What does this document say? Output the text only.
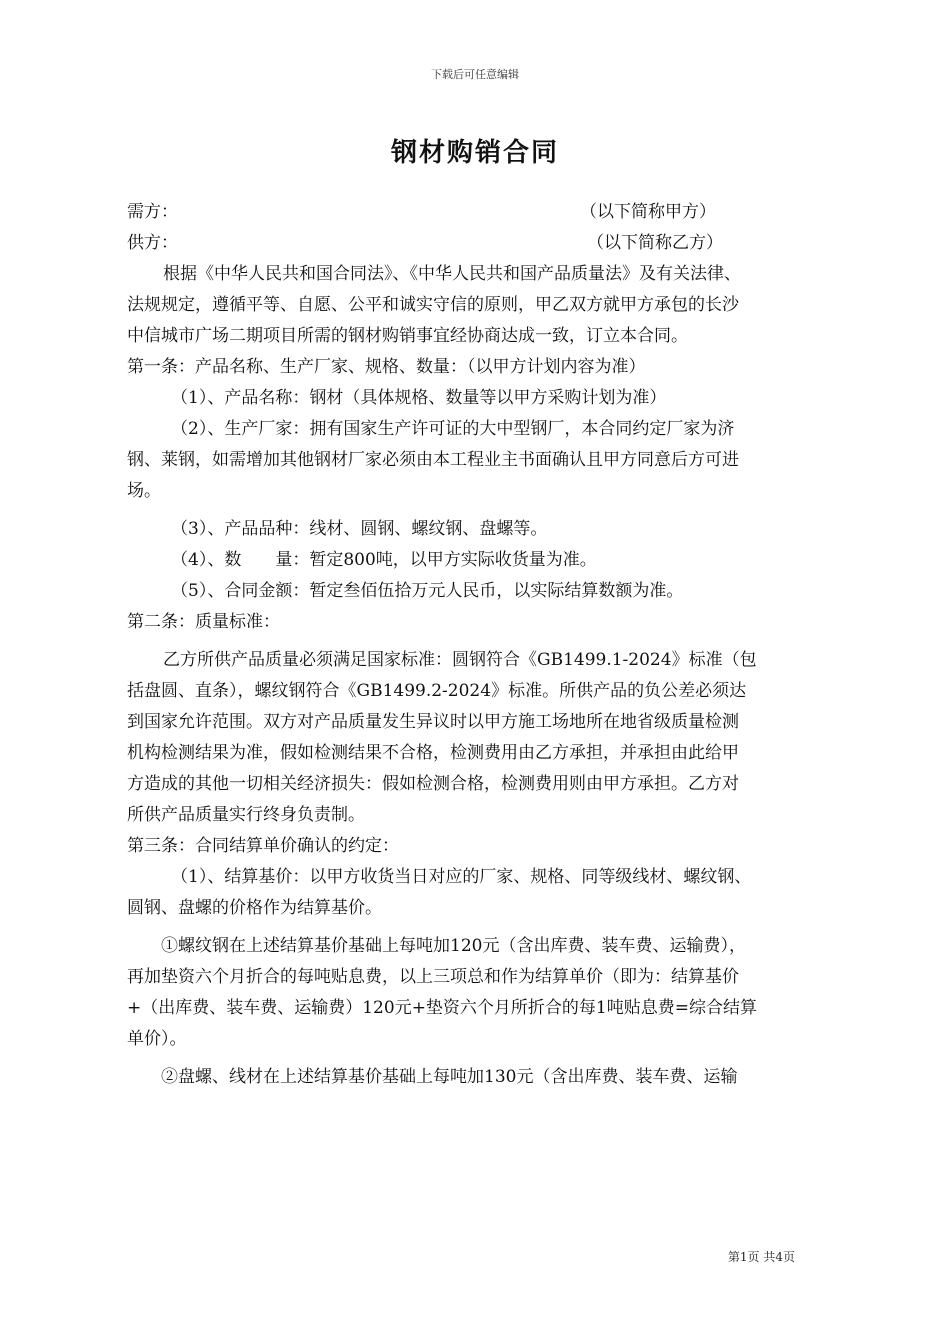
下载后可任意编辑
钢材购销合同
需方：	（以下简称甲方）
供方：	（以下简称乙方）
根据《中华人民共和国合同法》、《中华人民共和国产品质量法》及有关法律、
法规规定，遵循平等、自愿、公平和诚实守信的原则，甲乙双方就甲方承包的长沙
中信城市广场二期项目所需的钢材购销事宜经协商达成一致，订立本合同。
第一条：产品名称、生产厂家、规格、数量：（以甲方计划内容为准）
（1）、产品名称：钢材（具体规格、数量等以甲方采购计划为准）
（2）、生产厂家：拥有国家生产许可证的大中型钢厂，本合同约定厂家为济
钢、莱钢，如需增加其他钢材厂家必须由本工程业主书面确认且甲方同意后方可进
场。
（3）、产品品种：线材、圆钢、螺纹钢、盘螺等。
（4）、数　　量：暂定800吨，以甲方实际收货量为准。
（5）、合同金额：暂定叁佰伍拾万元人民币，以实际结算数额为准。
第二条：质量标准：
乙方所供产品质量必须满足国家标准：圆钢符合《GB1499.1-2024》标准（包
括盘圆、直条），螺纹钢符合《GB1499.2-2024》标准。所供产品的负公差必须达
到国家允许范围。双方对产品质量发生异议时以甲方施工场地所在地省级质量检测
机构检测结果为准，假如检测结果不合格，检测费用由乙方承担，并承担由此给甲
方造成的其他一切相关经济损失：假如检测合格，检测费用则由甲方承担。乙方对
所供产品质量实行终身负责制。
第三条：合同结算单价确认的约定：
（1）、结算基价：以甲方收货当日对应的厂家、规格、同等级线材、螺纹钢、
圆钢、盘螺的价格作为结算基价。
①螺纹钢在上述结算基价基础上每吨加120元（含出库费、装车费、运输费），
再加垫资六个月折合的每吨贴息费，以上三项总和作为结算单价（即为：结算基价
+（出库费、装车费、运输费）120元+垫资六个月所折合的每1吨贴息费=综合结算
单价）。
②盘螺、线材在上述结算基价基础上每吨加130元（含出库费、装车费、运输
第1页 共4页
